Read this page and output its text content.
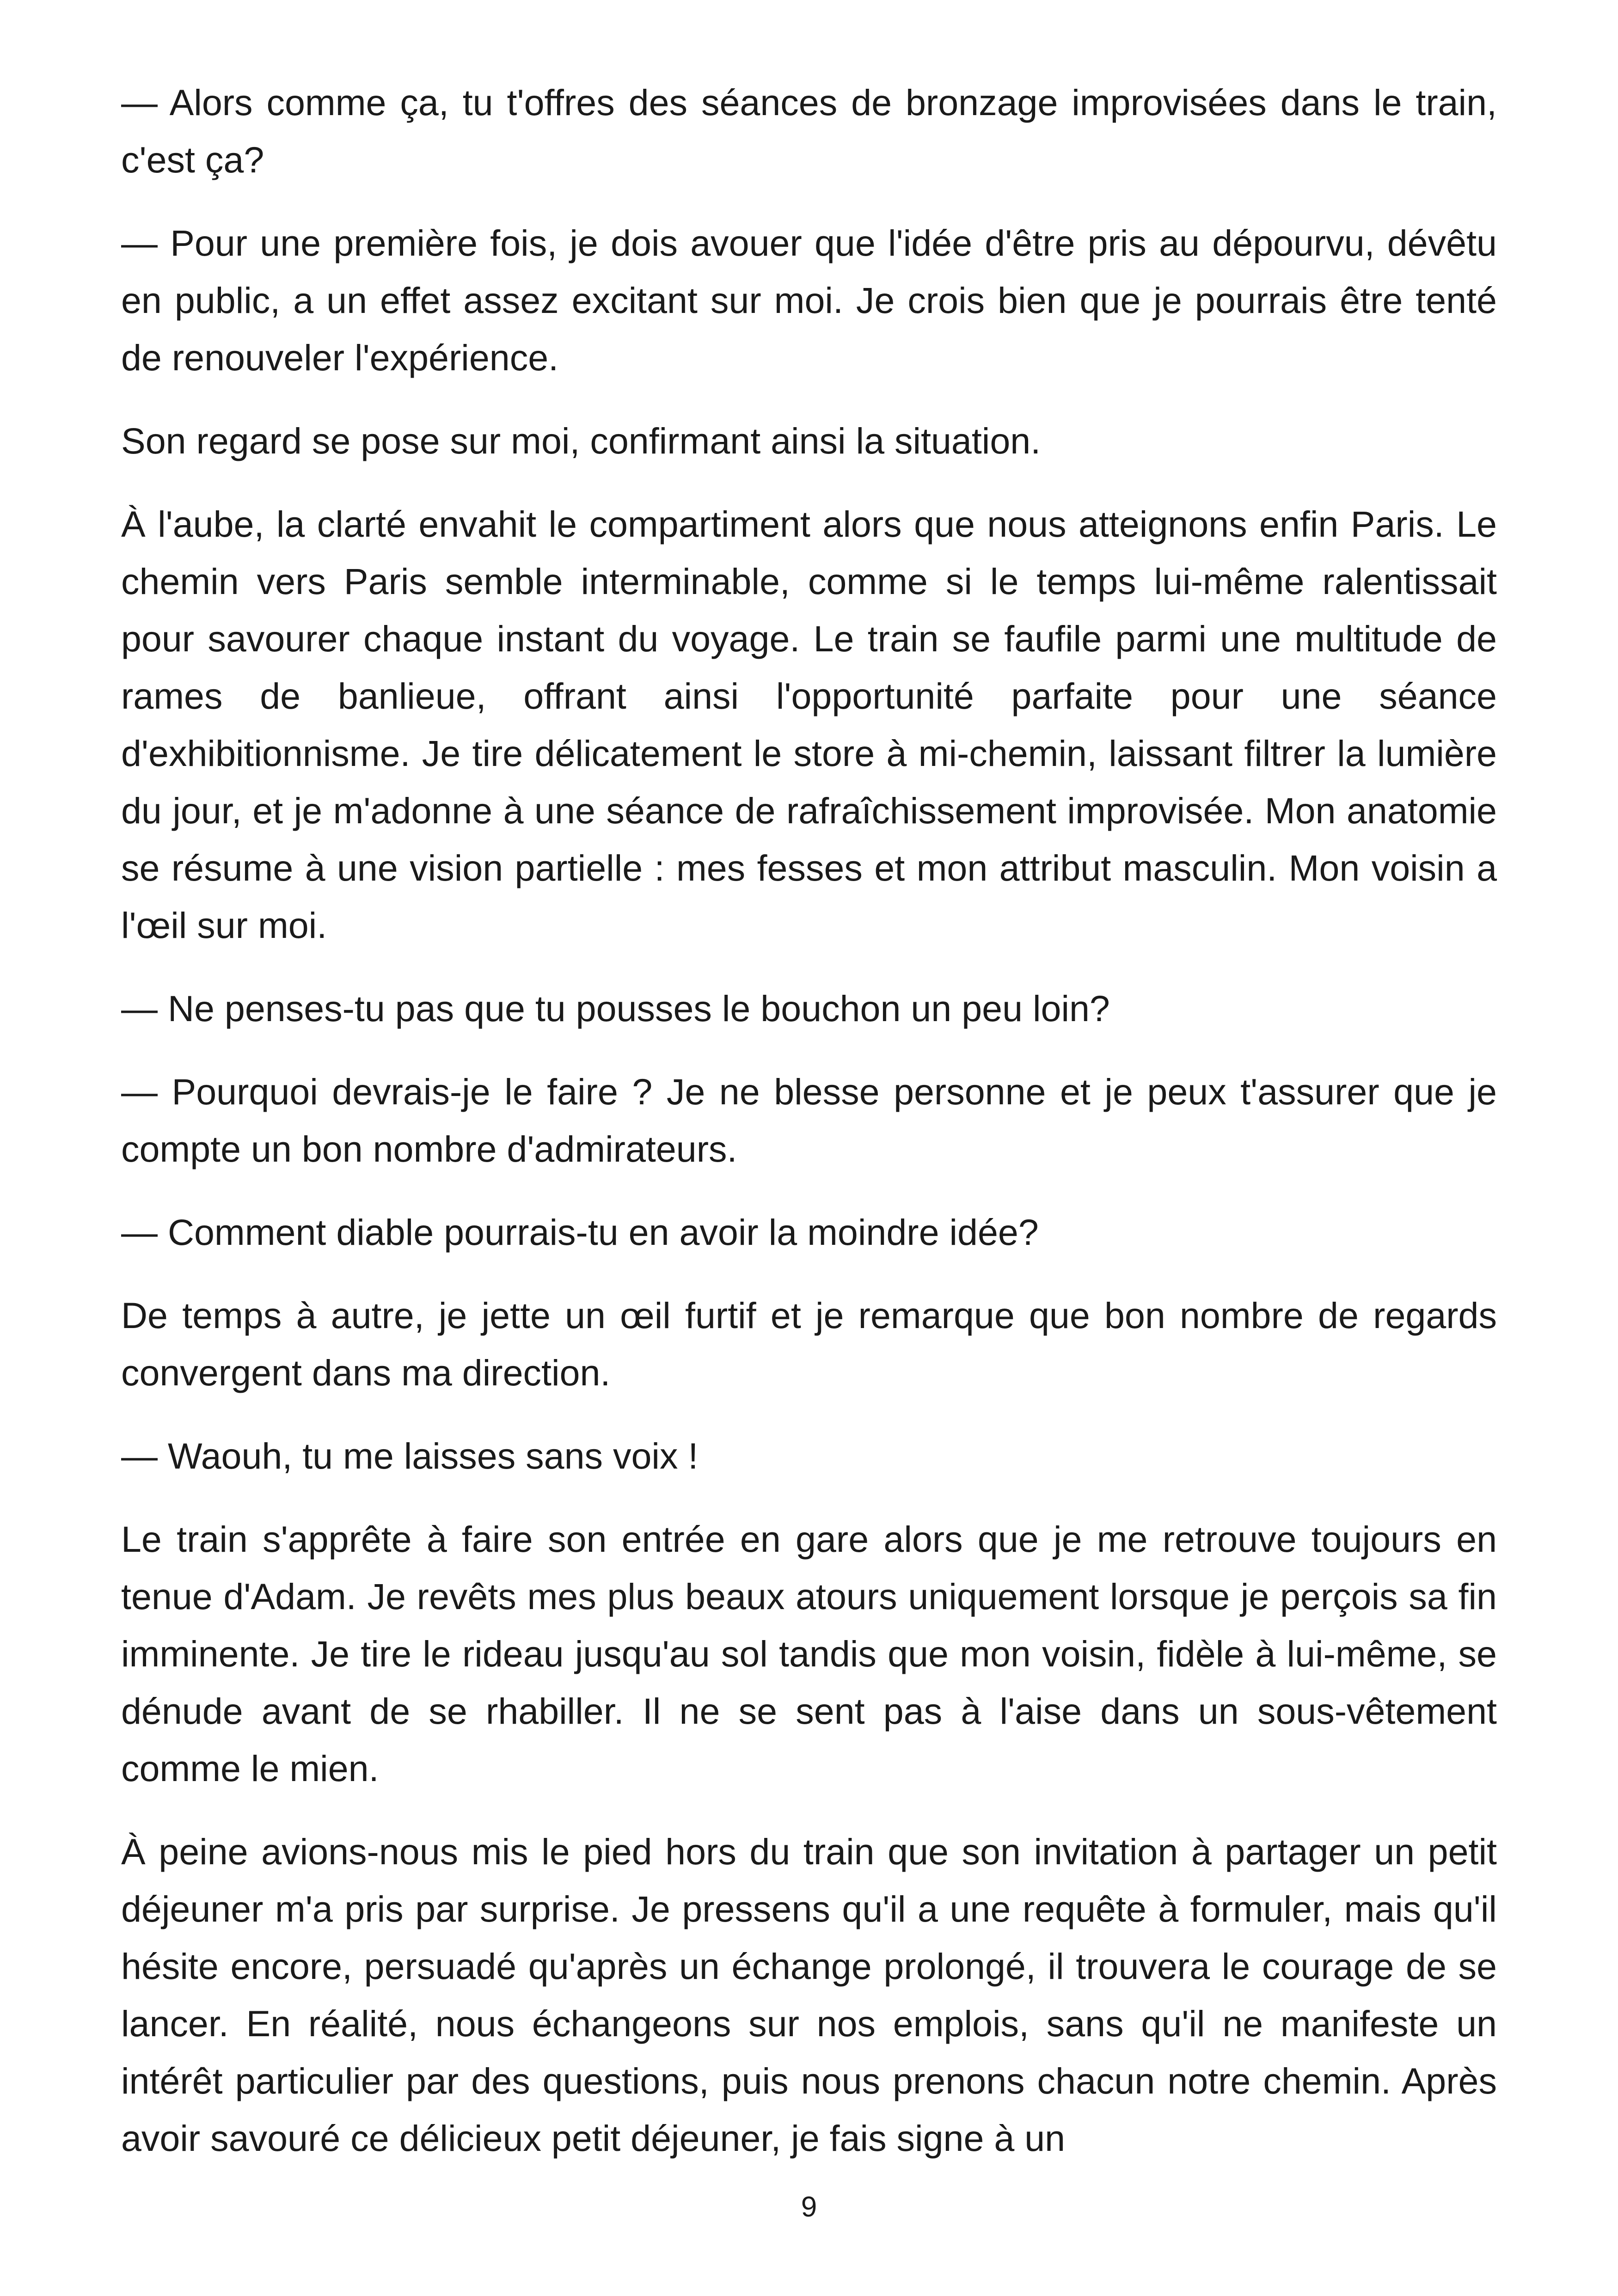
— Alors comme ça, tu t'offres des séances de bronzage improvisées dans le train, c'est ça?

— Pour une première fois, je dois avouer que l'idée d'être pris au dépourvu, dévêtu en public, a un effet assez excitant sur moi. Je crois bien que je pourrais être tenté de renouveler l'expérience.

Son regard se pose sur moi, confirmant ainsi la situation.

À l'aube, la clarté envahit le compartiment alors que nous atteignons enfin Paris. Le chemin vers Paris semble interminable, comme si le temps lui-même ralentissait pour savourer chaque instant du voyage. Le train se faufile parmi une multitude de rames de banlieue, offrant ainsi l'opportunité parfaite pour une séance d'exhibitionnisme. Je tire délicatement le store à mi-chemin, laissant filtrer la lumière du jour, et je m'adonne à une séance de rafraîchissement improvisée. Mon anatomie se résume à une vision partielle : mes fesses et mon attribut masculin. Mon voisin a l'œil sur moi.

— Ne penses-tu pas que tu pousses le bouchon un peu loin?

— Pourquoi devrais-je le faire ? Je ne blesse personne et je peux t'assurer que je compte un bon nombre d'admirateurs.

— Comment diable pourrais-tu en avoir la moindre idée?

De temps à autre, je jette un œil furtif et je remarque que bon nombre de regards convergent dans ma direction.

— Waouh, tu me laisses sans voix !

Le train s'apprête à faire son entrée en gare alors que je me retrouve toujours en tenue d'Adam. Je revêts mes plus beaux atours uniquement lorsque je perçois sa fin imminente. Je tire le rideau jusqu'au sol tandis que mon voisin, fidèle à lui-même, se dénude avant de se rhabiller. Il ne se sent pas à l'aise dans un sous-vêtement comme le mien.

À peine avions-nous mis le pied hors du train que son invitation à partager un petit déjeuner m'a pris par surprise. Je pressens qu'il a une requête à formuler, mais qu'il hésite encore, persuadé qu'après un échange prolongé, il trouvera le courage de se lancer. En réalité, nous échangeons sur nos emplois, sans qu'il ne manifeste un intérêt particulier par des questions, puis nous prenons chacun notre chemin. Après avoir savouré ce délicieux petit déjeuner, je fais signe à un

9
